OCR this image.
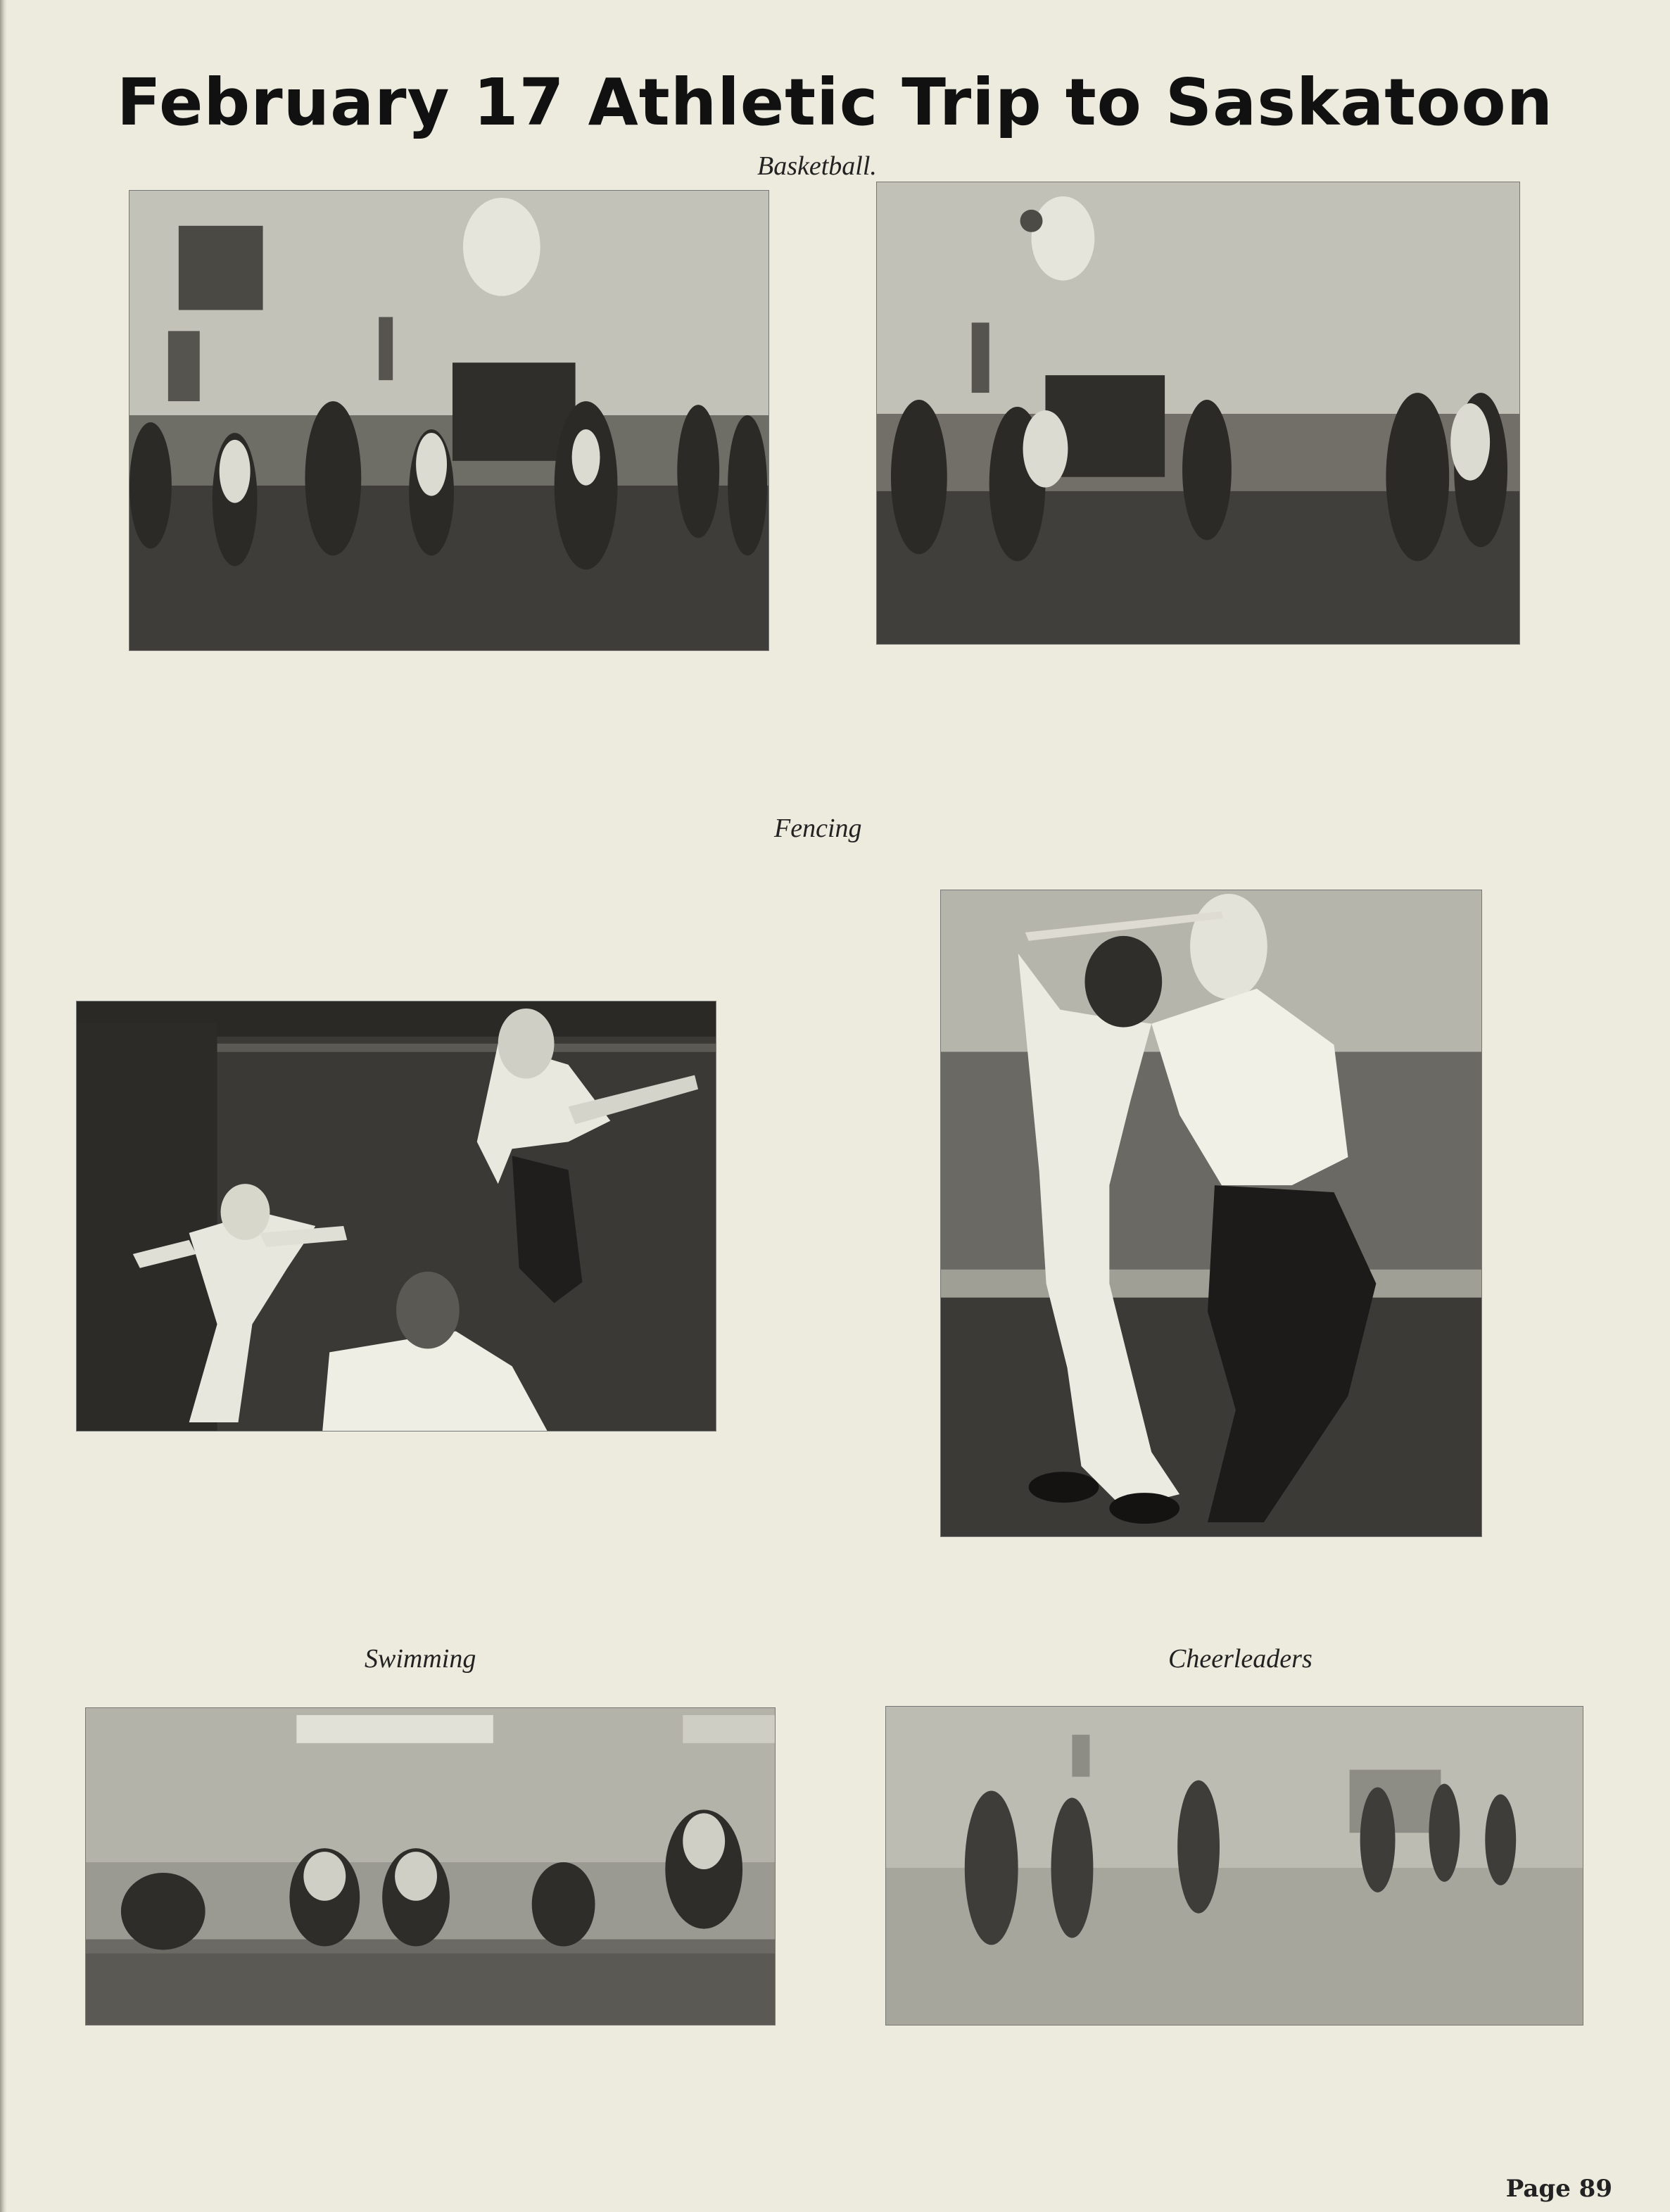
February 17 Athletic Trip to Saskatoon
Basketball.
Fencing
Swimming	Cheerleaders
Page 89
